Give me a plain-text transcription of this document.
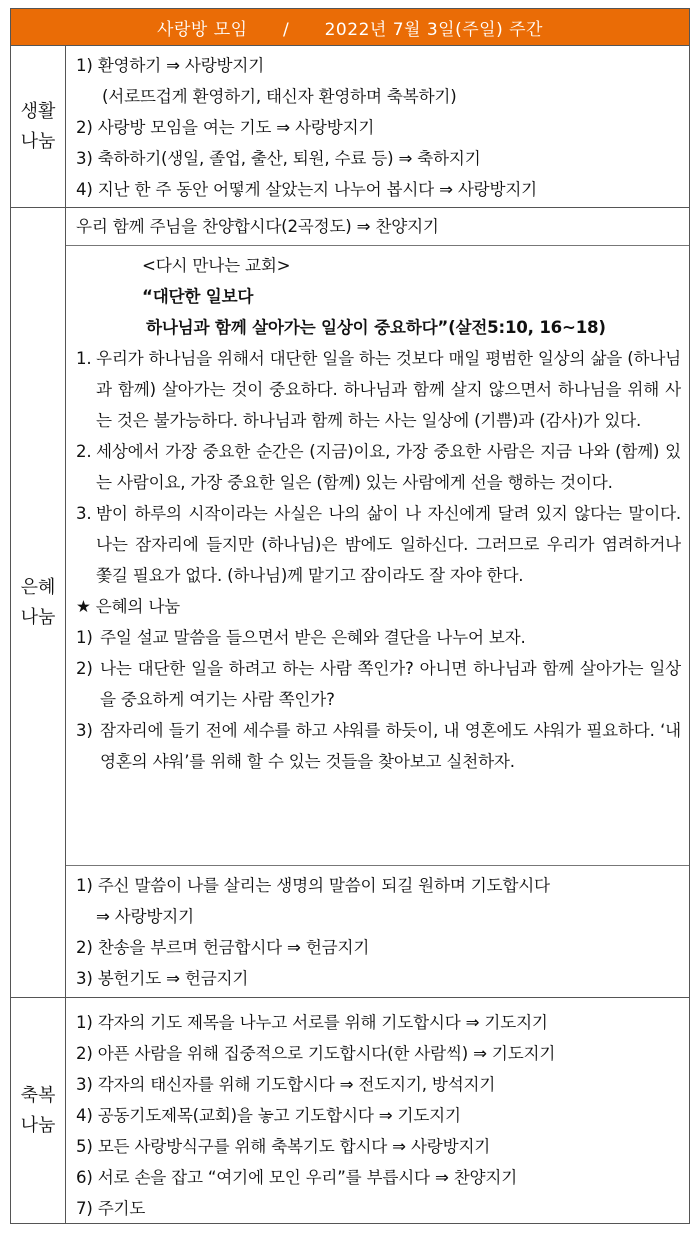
사랑방 모임      /      2022년 7월 3일(주일) 주간
생활
나눔
1) 환영하기 ⇒ 사랑방지기
(서로뜨겁게 환영하기, 태신자 환영하며 축복하기)
2) 사랑방 모임을 여는 기도 ⇒ 사랑방지기
3) 축하하기(생일, 졸업, 출산, 퇴원, 수료 등) ⇒ 축하지기
4) 지난 한 주 동안 어떻게 살았는지 나누어 봅시다 ⇒ 사랑방지기
은혜
나눔
우리 함께 주님을 찬양합시다(2곡정도) ⇒ 찬양지기
<다시 만나는 교회>
“대단한 일보다
하나님과 함께 살아가는 일상이 중요하다”(살전5:10, 16~18)
1. 우리가 하나님을 위해서 대단한 일을 하는 것보다 매일 평범한 일상의 삶을 (하나님과 함께) 살아가는 것이 중요하다. 하나님과 함께 살지 않으면서 하나님을 위해 사는 것은 불가능하다. 하나님과 함께 하는 사는 일상에 (기쁨)과 (감사)가 있다.
2. 세상에서 가장 중요한 순간은 (지금)이요, 가장 중요한 사람은 지금 나와 (함께) 있는 사람이요, 가장 중요한 일은 (함께) 있는 사람에게 선을 행하는 것이다.
3. 밤이 하루의 시작이라는 사실은 나의 삶이 나 자신에게 달려 있지 않다는 말이다. 나는 잠자리에 들지만 (하나님)은 밤에도 일하신다. 그러므로 우리가 염려하거나 쫓길 필요가 없다. (하나님)께 맡기고 잠이라도 잘 자야 한다.
★ 은혜의 나눔
1) 주일 설교 말씀을 들으면서 받은 은혜와 결단을 나누어 보자.
2) 나는 대단한 일을 하려고 하는 사람 쪽인가? 아니면 하나님과 함께 살아가는 일상을 중요하게 여기는 사람 쪽인가?
3) 잠자리에 들기 전에 세수를 하고 샤워를 하듯이, 내 영혼에도 샤워가 필요하다. ‘내 영혼의 샤워’를 위해 할 수 있는 것들을 찾아보고 실천하자.
1) 주신 말씀이 나를 살리는 생명의 말씀이 되길 원하며 기도합시다
⇒ 사랑방지기
2) 찬송을 부르며 헌금합시다 ⇒ 헌금지기
3) 봉헌기도 ⇒ 헌금지기
축복
나눔
1) 각자의 기도 제목을 나누고 서로를 위해 기도합시다 ⇒ 기도지기
2) 아픈 사람을 위해 집중적으로 기도합시다(한 사람씩) ⇒ 기도지기
3) 각자의 태신자를 위해 기도합시다 ⇒ 전도지기, 방석지기
4) 공동기도제목(교회)을 놓고 기도합시다 ⇒ 기도지기
5) 모든 사랑방식구를 위해 축복기도 합시다 ⇒ 사랑방지기
6) 서로 손을 잡고 “여기에 모인 우리”를 부릅시다 ⇒ 찬양지기
7) 주기도
